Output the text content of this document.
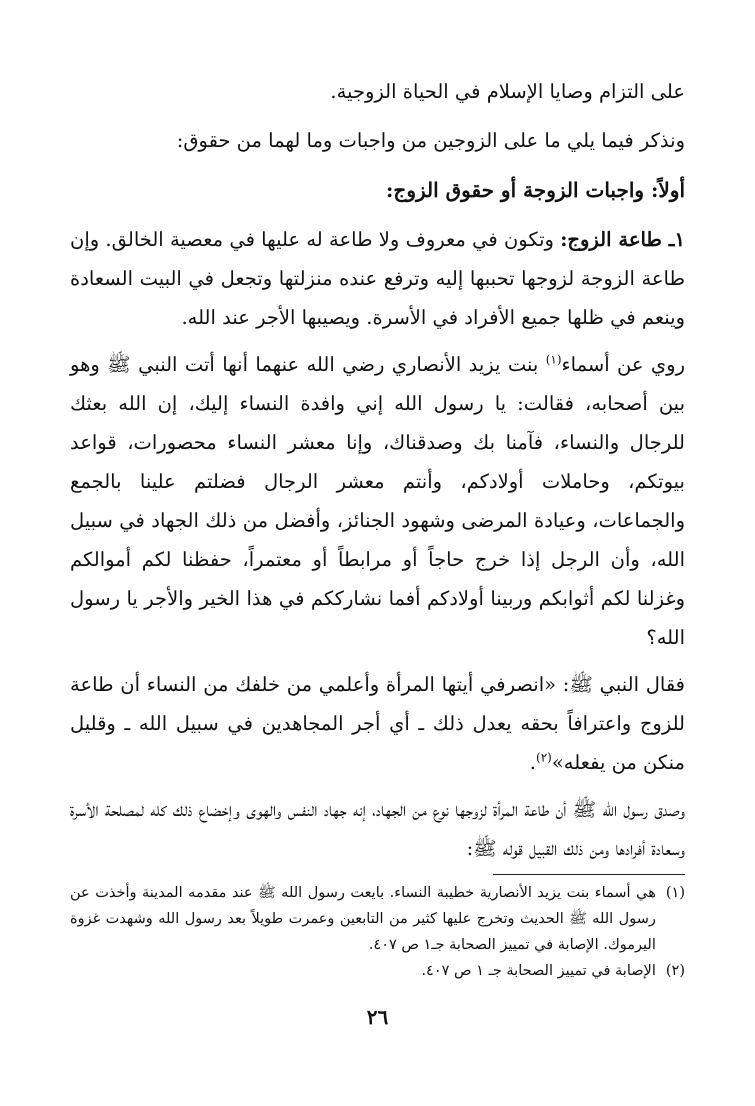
على التزام وصايا الإسلام في الحياة الزوجية.

ونذكر فيما يلي ما على الزوجين من واجبات وما لهما من حقوق:

أولاً: واجبات الزوجة أو حقوق الزوج:

١ـ طاعة الزوج: وتكون في معروف ولا طاعة له عليها في معصية الخالق. وإن طاعة الزوجة لزوجها تحببها إليه وترفع عنده منزلتها وتجعل في البيت السعادة وينعم في ظلها جميع الأفراد في الأسرة. ويصيبها الأجر عند الله.

روي عن أسماء$^{(١)}$ بنت يزيد الأنصاري رضي الله عنهما أنها أتت النبي ﷺ وهو بين أصحابه، فقالت: يا رسول الله إني وافدة النساء إليك، إن الله بعثك للرجال والنساء، فآمنا بك وصدقناك، وإنا معشر النساء محصورات، قواعد بيوتكم، وحاملات أولادكم، وأنتم معشر الرجال فضلتم علينا بالجمع والجماعات، وعيادة المرضى وشهود الجنائز، وأفضل من ذلك الجهاد في سبيل الله، وأن الرجل إذا خرج حاجاً أو مرابطاً أو معتمراً، حفظنا لكم أموالكم وغزلنا لكم أثوابكم وربينا أولادكم أفما نشارككم في هذا الخير والأجر يا رسول الله؟

فقال النبي ﷺ: «انصرفي أيتها المرأة وأعلمي من خلفك من النساء أن طاعة للزوج واعترافاً بحقه يعدل ذلك ـ أي أجر المجاهدين في سبيل الله ـ وقليل منكن من يفعله»$^{(٢)}$.

وصدق رسول الله ﷺ أن طاعة المرأة لزوجها نوع من الجهاد، إنه جهاد النفس والهوى وإخضاع ذلك كله لمصلحة الأسرة وسعادة أفرادها ومن ذلك القبيل قوله ﷺ:

(١)
هي أسماء بنت يزيد الأنصارية خطيبة النساء. بايعت رسول الله ﷺ عند مقدمه المدينة وأخذت عن رسول الله ﷺ الحديث وتخرج عليها كثير من التابعين وعمرت طويلاً بعد رسول الله وشهدت غزوة اليرموك. الإصابة في تمييز الصحابة جـ١ ص ٤٠٧.
(٢)
الإصابة في تمييز الصحابة جـ ١ ص ٤٠٧.
٢٦
